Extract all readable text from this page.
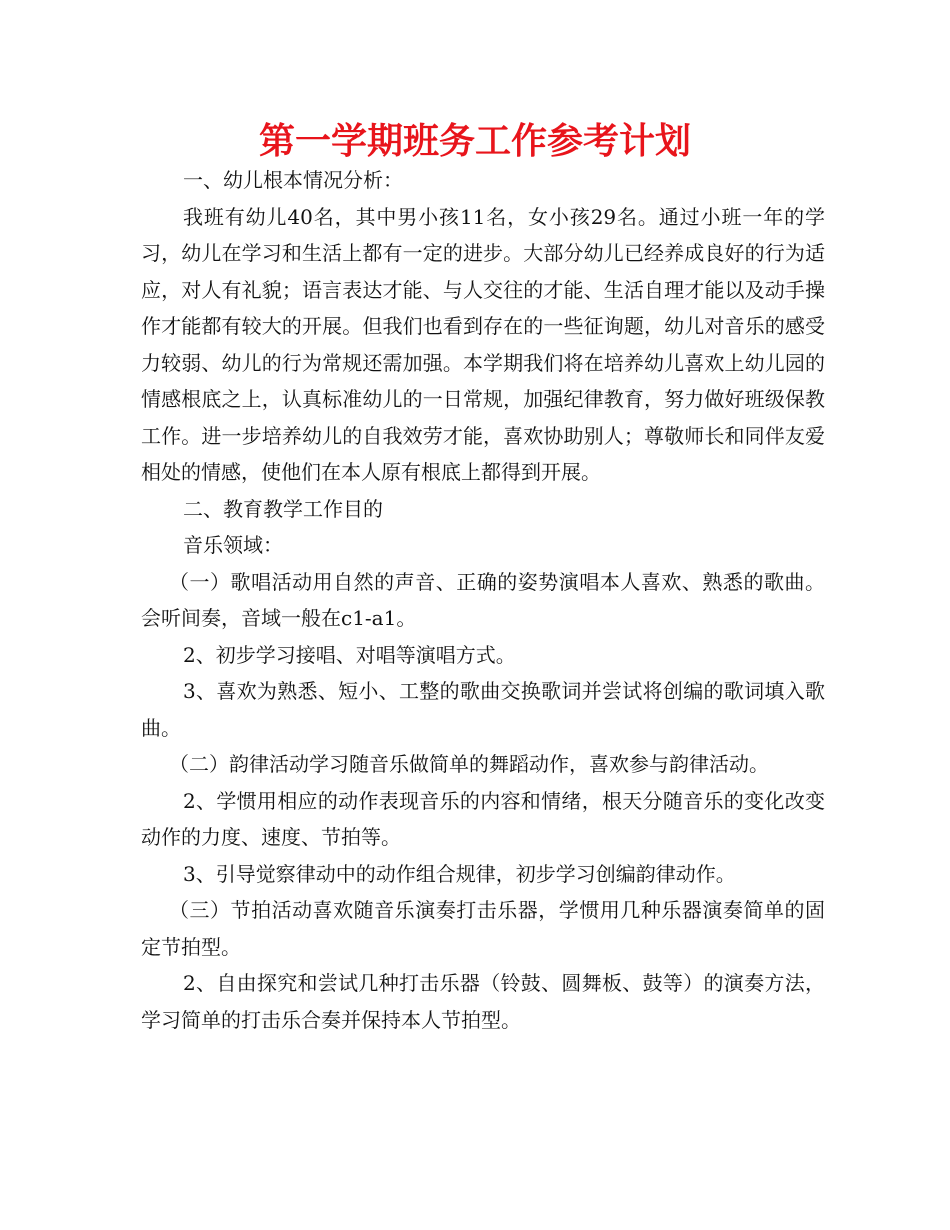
第一学期班务工作参考计划

一、幼儿根本情况分析：

我班有幼儿40名，其中男小孩11名，女小孩29名。通过小班一年的学习，幼儿在学习和生活上都有一定的进步。大部分幼儿已经养成良好的行为适应，对人有礼貌；语言表达才能、与人交往的才能、生活自理才能以及动手操作才能都有较大的开展。但我们也看到存在的一些征询题，幼儿对音乐的感受力较弱、幼儿的行为常规还需加强。本学期我们将在培养幼儿喜欢上幼儿园的情感根底之上，认真标准幼儿的一日常规，加强纪律教育，努力做好班级保教工作。进一步培养幼儿的自我效劳才能，喜欢协助别人；尊敬师长和同伴友爱相处的情感，使他们在本人原有根底上都得到开展。

二、教育教学工作目的

音乐领域：

（一）歌唱活动用自然的声音、正确的姿势演唱本人喜欢、熟悉的歌曲。会听间奏，音域一般在c1-a1。

2、初步学习接唱、对唱等演唱方式。

3、喜欢为熟悉、短小、工整的歌曲交换歌词并尝试将创编的歌词填入歌曲。

（二）韵律活动学习随音乐做简单的舞蹈动作，喜欢参与韵律活动。

2、学惯用相应的动作表现音乐的内容和情绪，根天分随音乐的变化改变动作的力度、速度、节拍等。

3、引导觉察律动中的动作组合规律，初步学习创编韵律动作。

（三）节拍活动喜欢随音乐演奏打击乐器，学惯用几种乐器演奏简单的固定节拍型。

2、自由探究和尝试几种打击乐器（铃鼓、圆舞板、鼓等）的演奏方法，学习简单的打击乐合奏并保持本人节拍型。
